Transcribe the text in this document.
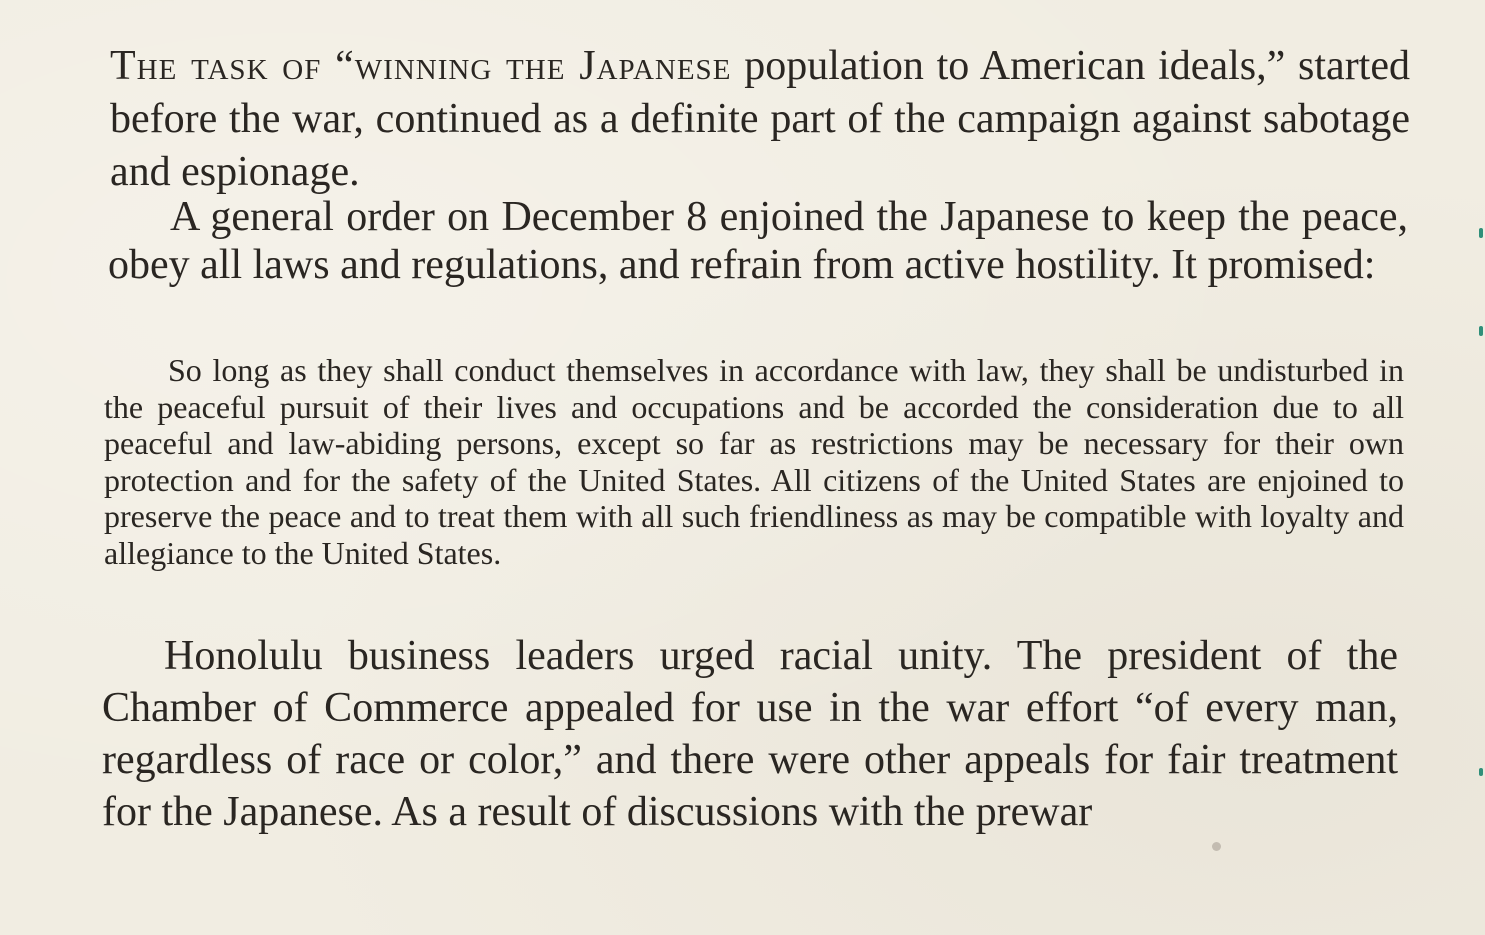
The task of “winning the Japanese population to American ideals,” started before the war, continued as a definite part of the campaign against sabotage and espionage.

A general order on December 8 enjoined the Japanese to keep the peace, obey all laws and regulations, and refrain from active hostility. It promised:

So long as they shall conduct themselves in accordance with law, they shall be undisturbed in the peaceful pursuit of their lives and occupations and be accorded the consideration due to all peaceful and law-abiding persons, except so far as restrictions may be necessary for their own protection and for the safety of the United States. All citizens of the United States are enjoined to preserve the peace and to treat them with all such friendliness as may be compatible with loyalty and allegiance to the United States.

Honolulu business leaders urged racial unity. The president of the Chamber of Commerce appealed for use in the war effort “of every man, regardless of race or color,” and there were other appeals for fair treatment for the Japanese. As a result of discussions with the prewar
